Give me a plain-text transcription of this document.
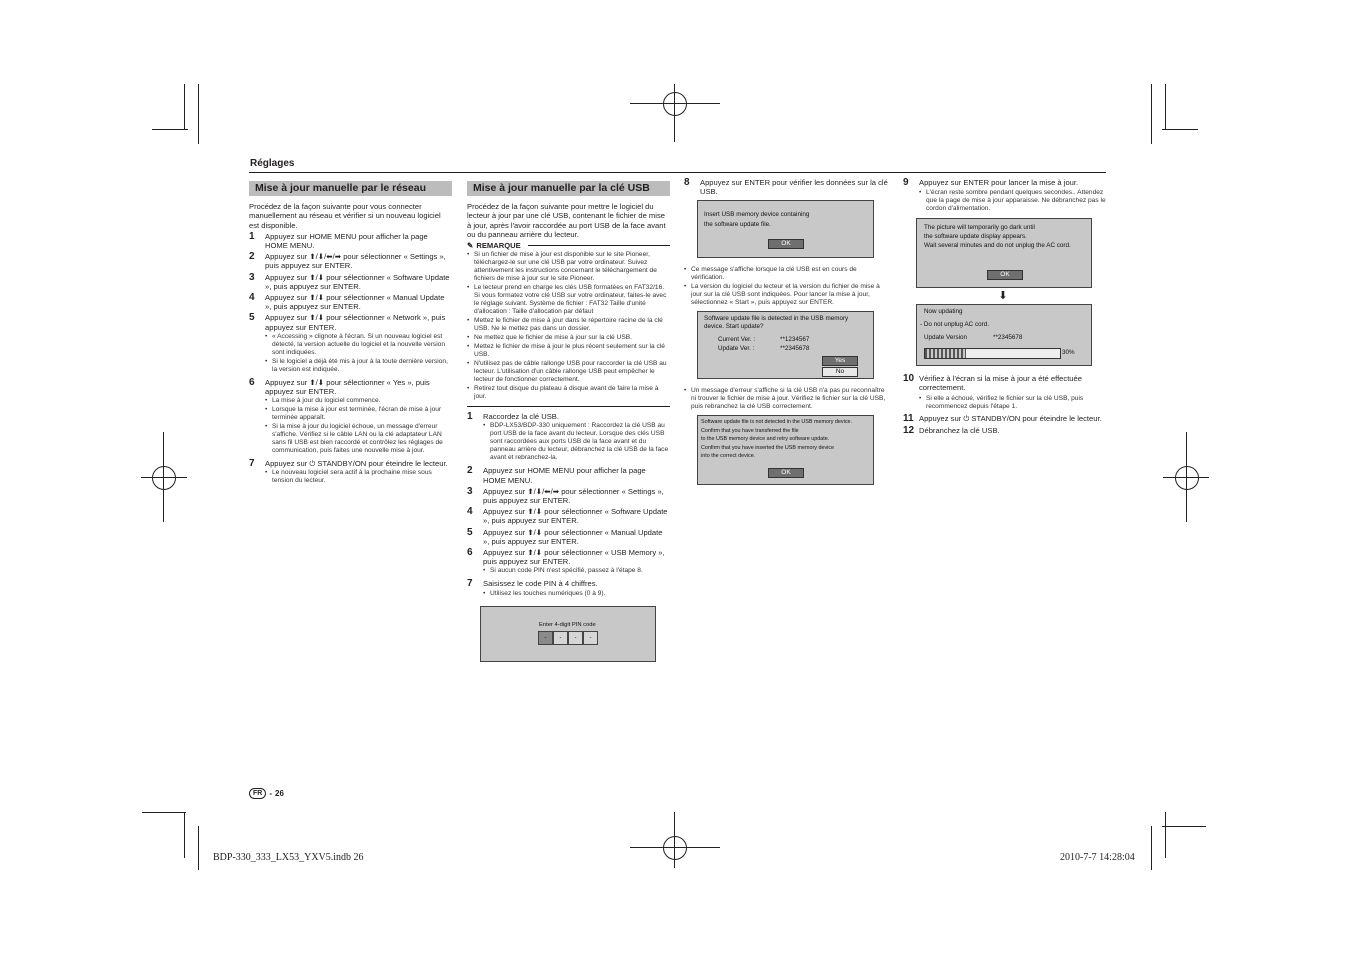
Réglages
Mise à jour manuelle par le réseau

Procédez de la façon suivante pour vous connecter manuellement au réseau et vérifier si un nouveau logiciel est disponible.

1	Appuyez sur HOME MENU pour afficher la page HOME MENU.
2	Appuyez sur ⬆/⬇/⬅/➡ pour sélectionner « Settings », puis appuyez sur ENTER.
3	Appuyez sur ⬆/⬇ pour sélectionner « Software Update », puis appuyez sur ENTER.
4	Appuyez sur ⬆/⬇ pour sélectionner « Manual Update », puis appuyez sur ENTER.
5	Appuyez sur ⬆/⬇ pour sélectionner « Network », puis appuyez sur ENTER.
• « Accessing » clignote à l'écran. Si un nouveau logiciel est détecté, la version actuelle du logiciel et la nouvelle version sont indiquées.
• Si le logiciel a déjà été mis à jour à la toute dernière version, la version est indiquée.
6	Appuyez sur ⬆/⬇ pour sélectionner « Yes », puis appuyez sur ENTER.
• La mise à jour du logiciel commence.
• Lorsque la mise à jour est terminée, l'écran de mise à jour terminée apparaît.
• Si la mise à jour du logiciel échoue, un message d'erreur s'affiche. Vérifiez si le câble LAN ou la clé adaptateur LAN sans fil USB est bien raccordé et contrôlez les réglages de communication, puis faites une nouvelle mise à jour.
7	Appuyez sur ⏻ STANDBY/ON pour éteindre le lecteur.
• Le nouveau logiciel sera actif à la prochaine mise sous tension du lecteur.
Mise à jour manuelle par la clé USB

Procédez de la façon suivante pour mettre le logiciel du lecteur à jour par une clé USB, contenant le fichier de mise à jour, après l'avoir raccordée au port USB de la face avant ou du panneau arrière du lecteur.

✎ REMARQUE
• Si un fichier de mise à jour est disponible sur le site Pioneer, téléchargez-le sur une clé USB par votre ordinateur. Suivez attentivement les instructions concernant le téléchargement de fichiers de mise à jour sur le site Pioneer.
• Le lecteur prend en charge les clés USB formatées en FAT32/16. Si vous formatez votre clé USB sur votre ordinateur, faites-le avec le réglage suivant. Système de fichier : FAT32 Taille d'unité d'allocation : Taille d'allocation par défaut
• Mettez le fichier de mise à jour dans le répertoire racine de la clé USB. Ne le mettez pas dans un dossier.
• Ne mettez que le fichier de mise à jour sur la clé USB.
• Mettez le fichier de mise à jour le plus récent seulement sur la clé USB.
• N'utilisez pas de câble rallonge USB pour raccorder la clé USB au lecteur. L'utilisation d'un câble rallonge USB peut empêcher le lecteur de fonctionner correctement.
• Retirez tout disque du plateau à disque avant de faire la mise à jour.
1	Raccordez la clé USB.
• BDP-LX53/BDP-330 uniquement : Raccordez la clé USB au port USB de la face avant du lecteur. Lorsque des clés USB sont raccordées aux ports USB de la face avant et du panneau arrière du lecteur, débranchez la clé USB de la face avant et rebranchez-la.
2	Appuyez sur HOME MENU pour afficher la page HOME MENU.
3	Appuyez sur ⬆/⬇/⬅/➡ pour sélectionner « Settings », puis appuyez sur ENTER.
4	Appuyez sur ⬆/⬇ pour sélectionner « Software Update », puis appuyez sur ENTER.
5	Appuyez sur ⬆/⬇ pour sélectionner « Manual Update », puis appuyez sur ENTER.
6	Appuyez sur ⬆/⬇ pour sélectionner « USB Memory », puis appuyez sur ENTER.
• Si aucun code PIN n'est spécifié, passez à l'étape 8.
7	Saisissez le code PIN à 4 chiffres.
• Utilisez les touches numériques (0 à 9).
Enter 4-digit PIN code
-	-	-	-
8	Appuyez sur ENTER pour vérifier les données sur la clé USB.
Insert USB memory device containing
the software update file.
OK
• Ce message s'affiche lorsque la clé USB est en cours de vérification.
• La version du logiciel du lecteur et la version du fichier de mise à jour sur la clé USB sont indiquées. Pour lancer la mise à jour, sélectionnez « Start », puis appuyez sur ENTER.
Software update file is detected in the USB memory
device. Start update?
Current Ver. :	**1234567
Update Ver. :	**2345678
Yes
No
• Un message d'erreur s'affiche si la clé USB n'a pas pu reconnaître ni trouver le fichier de mise à jour. Vérifiez le fichier sur la clé USB, puis rebranchez la clé USB correctement.
Software update file is not detected in the USB memory device.
Confirm that you have transferred the file
to the USB memory device and retry software update.
Confirm that you have inserted the USB memory device
into the correct device.
OK
9	Appuyez sur ENTER pour lancer la mise à jour.
• L'écran reste sombre pendant quelques secondes.. Attendez que la page de mise à jour apparaisse. Ne débranchez pas le cordon d'alimentation.
The picture will temporarily go dark until
the software update display appears.
Wait several minutes and do not unplug the AC cord.
OK
⬇
Now updating
- Do not unplug AC cord.
Update Version	**2345678
30%
10 Vérifiez à l'écran si la mise à jour a été effectuée correctement.
• Si elle a échoué, vérifiez le fichier sur la clé USB, puis recommencez depuis l'étape 1.
11 Appuyez sur ⏻ STANDBY/ON pour éteindre le lecteur.
12 Débranchez la clé USB.
FR - 26
BDP-330_333_LX53_YXV5.indb 26	2010-7-7 14:28:04
